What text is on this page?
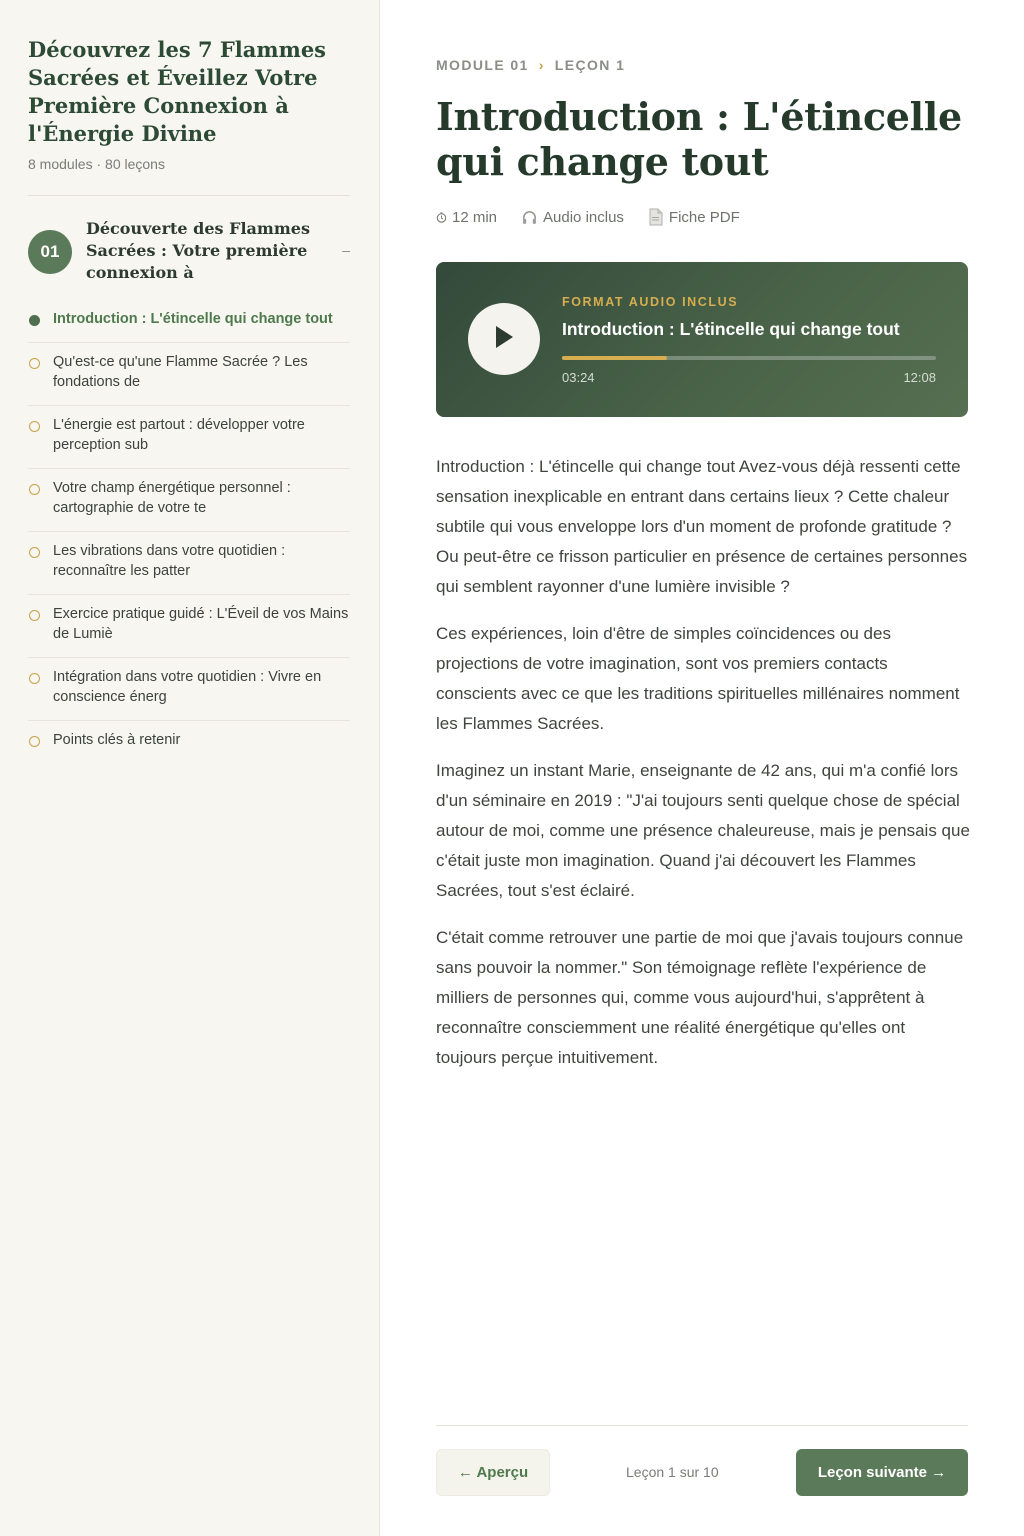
Découvrez les 7 Flammes Sacrées et Éveillez Votre Première Connexion à l'Énergie Divine
8 modules · 80 leçons
01
Découverte des Flammes Sacrées : Votre première connexion à
–
Introduction : L'étincelle qui change tout
Qu'est-ce qu'une Flamme Sacrée ? Les fondations de
L'énergie est partout : développer votre perception sub
Votre champ énergétique personnel : cartographie de votre te
Les vibrations dans votre quotidien : reconnaître les patter
Exercice pratique guidé : L'Éveil de vos Mains de Lumiè
Intégration dans votre quotidien : Vivre en conscience énerg
Points clés à retenir
MODULE 01 › LEÇON 1
Introduction : L'étincelle qui change tout
12 min	Audio inclus	Fiche PDF
FORMAT AUDIO INCLUS
Introduction : L'étincelle qui change tout
03:24	12:08

Introduction : L'étincelle qui change tout Avez-vous déjà ressenti cette sensation inexplicable en entrant dans certains lieux ? Cette chaleur subtile qui vous enveloppe lors d'un moment de profonde gratitude ? Ou peut-être ce frisson particulier en présence de certaines personnes qui semblent rayonner d'une lumière invisible ?

Ces expériences, loin d'être de simples coïncidences ou des projections de votre imagination, sont vos premiers contacts conscients avec ce que les traditions spirituelles millénaires nomment les Flammes Sacrées.

Imaginez un instant Marie, enseignante de 42 ans, qui m'a confié lors d'un séminaire en 2019 : "J'ai toujours senti quelque chose de spécial autour de moi, comme une présence chaleureuse, mais je pensais que c'était juste mon imagination. Quand j'ai découvert les Flammes Sacrées, tout s'est éclairé.

C'était comme retrouver une partie de moi que j'avais toujours connue sans pouvoir la nommer." Son témoignage reflète l'expérience de milliers de personnes qui, comme vous aujourd'hui, s'apprêtent à reconnaître consciemment une réalité énergétique qu'elles ont toujours perçue intuitivement.

← Aperçu	Leçon 1 sur 10	Leçon suivante →
